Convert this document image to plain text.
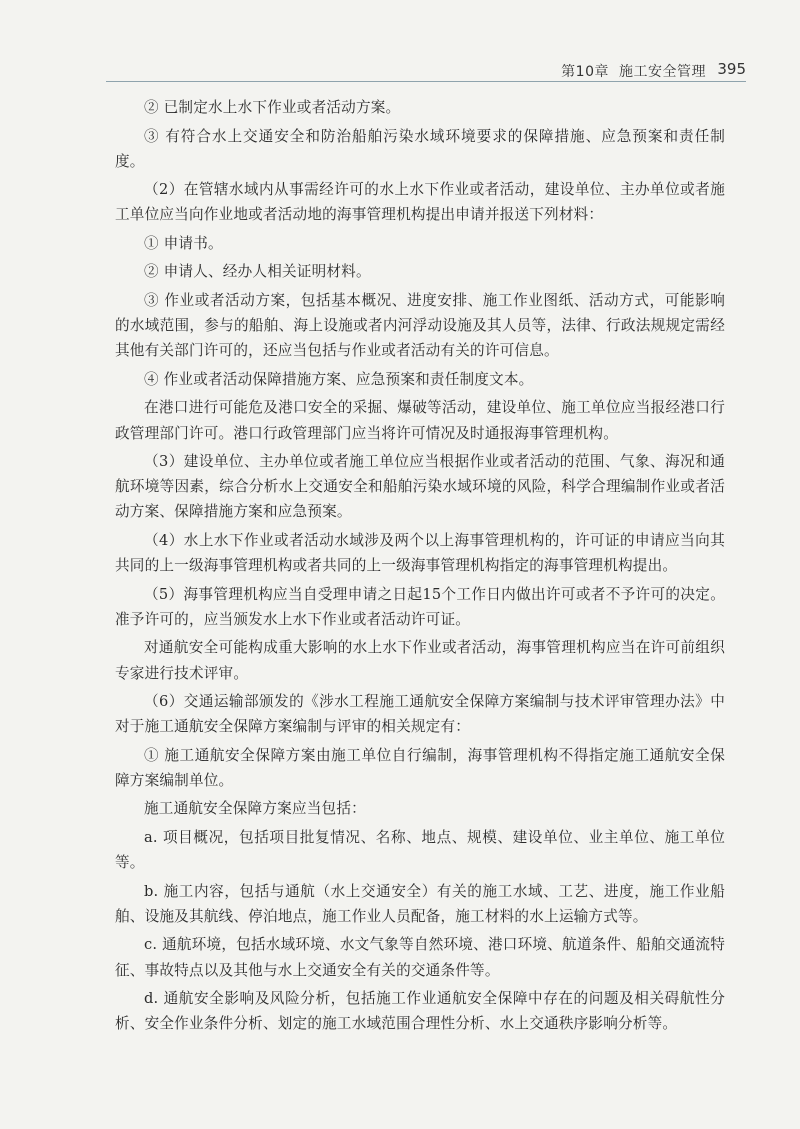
第10章 施工安全管理 395

② 已制定水上水下作业或者活动方案。

③ 有符合水上交通安全和防治船舶污染水域环境要求的保障措施、应急预案和责任制度。

（2）在管辖水域内从事需经许可的水上水下作业或者活动，建设单位、主办单位或者施工单位应当向作业地或者活动地的海事管理机构提出申请并报送下列材料：

① 申请书。

② 申请人、经办人相关证明材料。

③ 作业或者活动方案，包括基本概况、进度安排、施工作业图纸、活动方式，可能影响的水域范围，参与的船舶、海上设施或者内河浮动设施及其人员等，法律、行政法规规定需经其他有关部门许可的，还应当包括与作业或者活动有关的许可信息。

④ 作业或者活动保障措施方案、应急预案和责任制度文本。

在港口进行可能危及港口安全的采掘、爆破等活动，建设单位、施工单位应当报经港口行政管理部门许可。港口行政管理部门应当将许可情况及时通报海事管理机构。

（3）建设单位、主办单位或者施工单位应当根据作业或者活动的范围、气象、海况和通航环境等因素，综合分析水上交通安全和船舶污染水域环境的风险，科学合理编制作业或者活动方案、保障措施方案和应急预案。

（4）水上水下作业或者活动水域涉及两个以上海事管理机构的，许可证的申请应当向其共同的上一级海事管理机构或者共同的上一级海事管理机构指定的海事管理机构提出。

（5）海事管理机构应当自受理申请之日起15个工作日内做出许可或者不予许可的决定。准予许可的，应当颁发水上水下作业或者活动许可证。

对通航安全可能构成重大影响的水上水下作业或者活动，海事管理机构应当在许可前组织专家进行技术评审。

（6）交通运输部颁发的《涉水工程施工通航安全保障方案编制与技术评审管理办法》中对于施工通航安全保障方案编制与评审的相关规定有：

① 施工通航安全保障方案由施工单位自行编制，海事管理机构不得指定施工通航安全保障方案编制单位。

施工通航安全保障方案应当包括：

a. 项目概况，包括项目批复情况、名称、地点、规模、建设单位、业主单位、施工单位等。

b. 施工内容，包括与通航（水上交通安全）有关的施工水域、工艺、进度，施工作业船舶、设施及其航线、停泊地点，施工作业人员配备，施工材料的水上运输方式等。

c. 通航环境，包括水域环境、水文气象等自然环境、港口环境、航道条件、船舶交通流特征、事故特点以及其他与水上交通安全有关的交通条件等。

d. 通航安全影响及风险分析，包括施工作业通航安全保障中存在的问题及相关碍航性分析、安全作业条件分析、划定的施工水域范围合理性分析、水上交通秩序影响分析等。
